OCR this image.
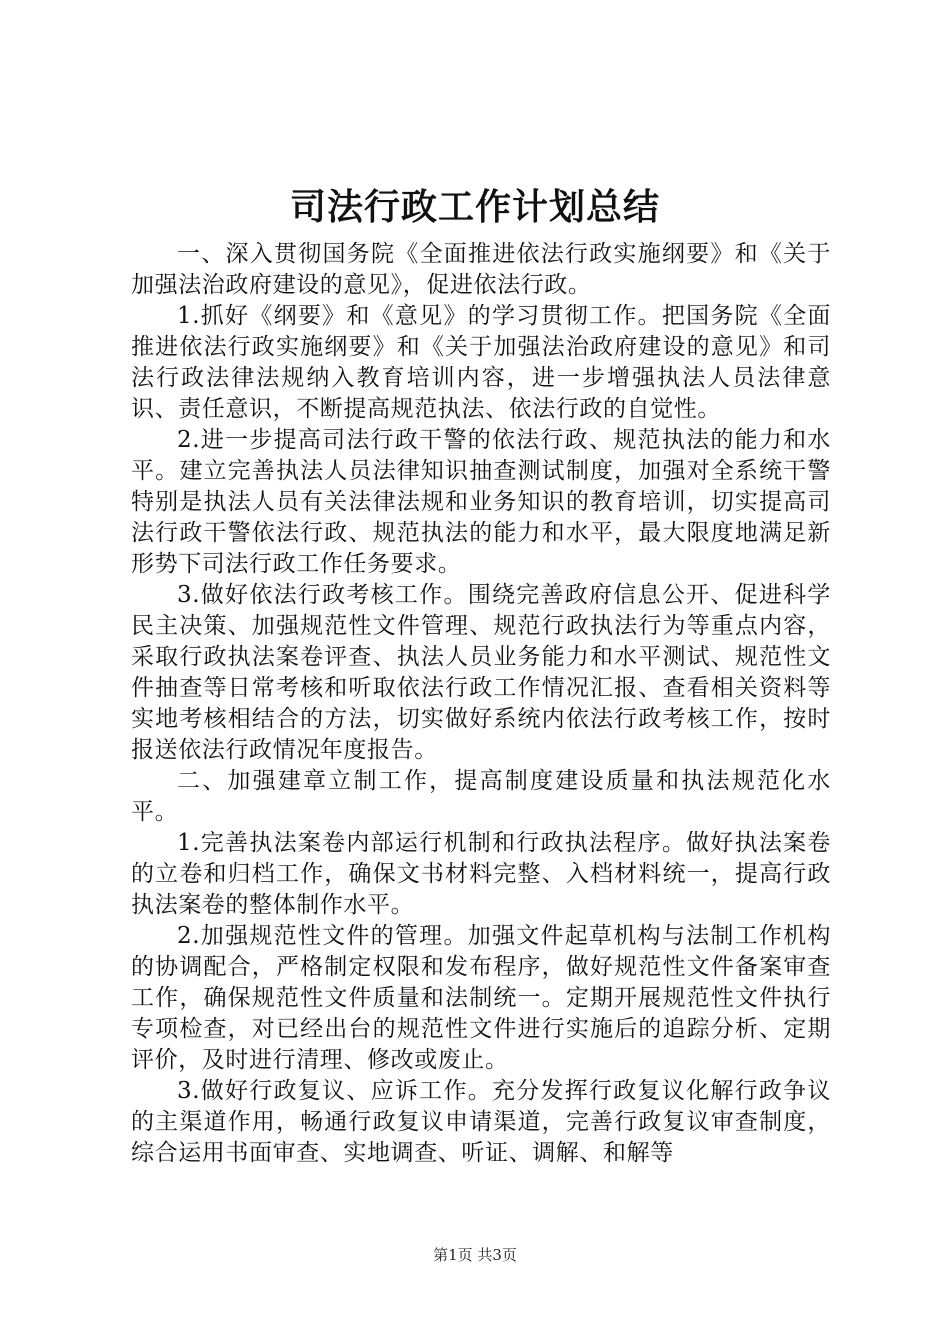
司法行政工作计划总结

一、深入贯彻国务院《全面推进依法行政实施纲要》和《关于加强法治政府建设的意见》，促进依法行政。

1.抓好《纲要》和《意见》的学习贯彻工作。把国务院《全面推进依法行政实施纲要》和《关于加强法治政府建设的意见》和司法行政法律法规纳入教育培训内容，进一步增强执法人员法律意识、责任意识，不断提高规范执法、依法行政的自觉性。

2.进一步提高司法行政干警的依法行政、规范执法的能力和水平。建立完善执法人员法律知识抽查测试制度，加强对全系统干警特别是执法人员有关法律法规和业务知识的教育培训，切实提高司法行政干警依法行政、规范执法的能力和水平，最大限度地满足新形势下司法行政工作任务要求。

3.做好依法行政考核工作。围绕完善政府信息公开、促进科学民主决策、加强规范性文件管理、规范行政执法行为等重点内容，采取行政执法案卷评查、执法人员业务能力和水平测试、规范性文件抽查等日常考核和听取依法行政工作情况汇报、查看相关资料等实地考核相结合的方法，切实做好系统内依法行政考核工作，按时报送依法行政情况年度报告。

二、加强建章立制工作，提高制度建设质量和执法规范化水平。

1.完善执法案卷内部运行机制和行政执法程序。做好执法案卷的立卷和归档工作，确保文书材料完整、入档材料统一，提高行政执法案卷的整体制作水平。

2.加强规范性文件的管理。加强文件起草机构与法制工作机构的协调配合，严格制定权限和发布程序，做好规范性文件备案审查工作，确保规范性文件质量和法制统一。定期开展规范性文件执行专项检查，对已经出台的规范性文件进行实施后的追踪分析、定期评价，及时进行清理、修改或废止。

3.做好行政复议、应诉工作。充分发挥行政复议化解行政争议的主渠道作用，畅通行政复议申请渠道，完善行政复议审查制度，综合运用书面审查、实地调查、听证、调解、和解等

第1页 共3页
